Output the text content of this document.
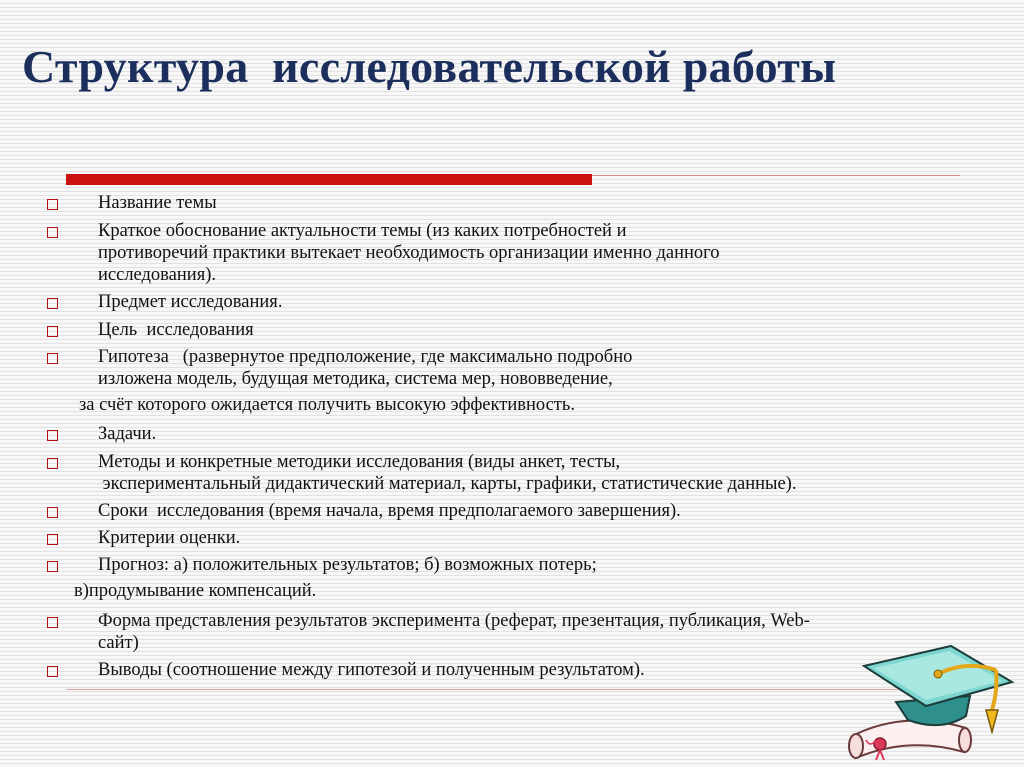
Структура  исследовательской работы
Название темы
Краткое обоснование актуальности темы (из каких потребностей и
противоречий практики вытекает необходимость организации именно данного
исследования).
Предмет исследования.
Цель  исследования
Гипотеза   (развернутое предположение, где максимально подробно
изложена модель, будущая методика, система мер, нововведение,
за счёт которого ожидается получить высокую эффективность.
Задачи.
Методы и конкретные методики исследования (виды анкет, тесты,
экспериментальный дидактический материал, карты, графики, статистические данные).
Сроки  исследования (время начала, время предполагаемого завершения).
Критерии оценки.
Прогноз: а) положительных результатов; б) возможных потерь;
в)продумывание компенсаций.
Форма представления результатов эксперимента (реферат, презентация, публикация, Web-
сайт)
Выводы (соотношение между гипотезой и полученным результатом).
